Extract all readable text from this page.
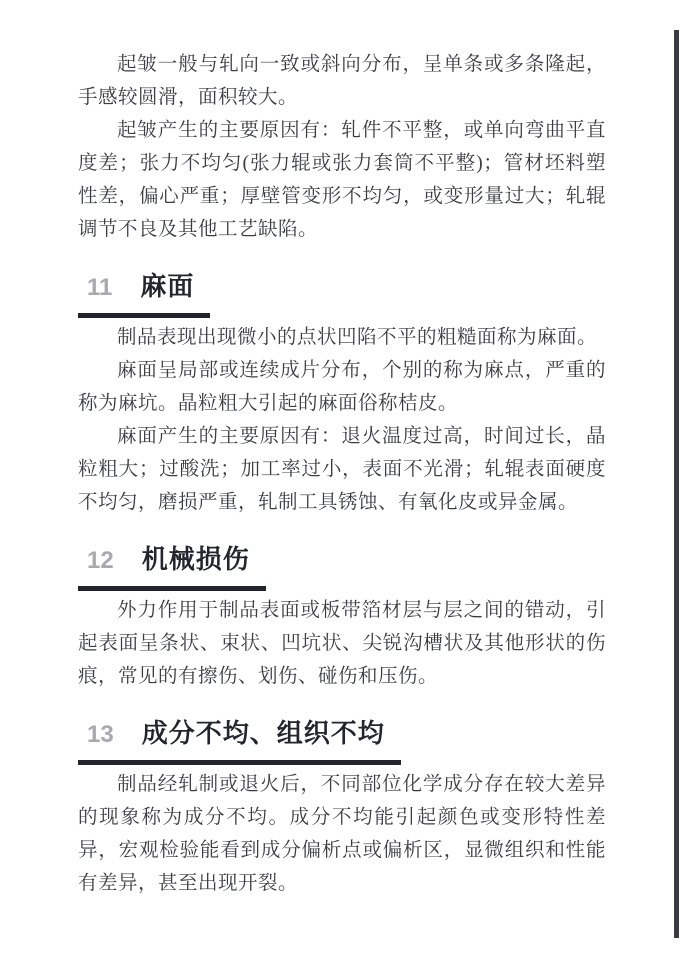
起皱一般与轧向一致或斜向分布，呈单条或多条隆起，手感较圆滑，面积较大。

起皱产生的主要原因有：轧件不平整，或单向弯曲平直度差；张力不均匀(张力辊或张力套筒不平整)；管材坯料塑性差，偏心严重；厚壁管变形不均匀，或变形量过大；轧辊调节不良及其他工艺缺陷。

11 麻面

制品表现出现微小的点状凹陷不平的粗糙面称为麻面。

麻面呈局部或连续成片分布，个别的称为麻点，严重的称为麻坑。晶粒粗大引起的麻面俗称桔皮。

麻面产生的主要原因有：退火温度过高，时间过长，晶粒粗大；过酸洗；加工率过小，表面不光滑；轧辊表面硬度不均匀，磨损严重，轧制工具锈蚀、有氧化皮或异金属。

12 机械损伤

外力作用于制品表面或板带箔材层与层之间的错动，引起表面呈条状、束状、凹坑状、尖锐沟槽状及其他形状的伤痕，常见的有擦伤、划伤、碰伤和压伤。

13 成分不均、组织不均

制品经轧制或退火后，不同部位化学成分存在较大差异的现象称为成分不均。成分不均能引起颜色或变形特性差异，宏观检验能看到成分偏析点或偏析区，显微组织和性能有差异，甚至出现开裂。
